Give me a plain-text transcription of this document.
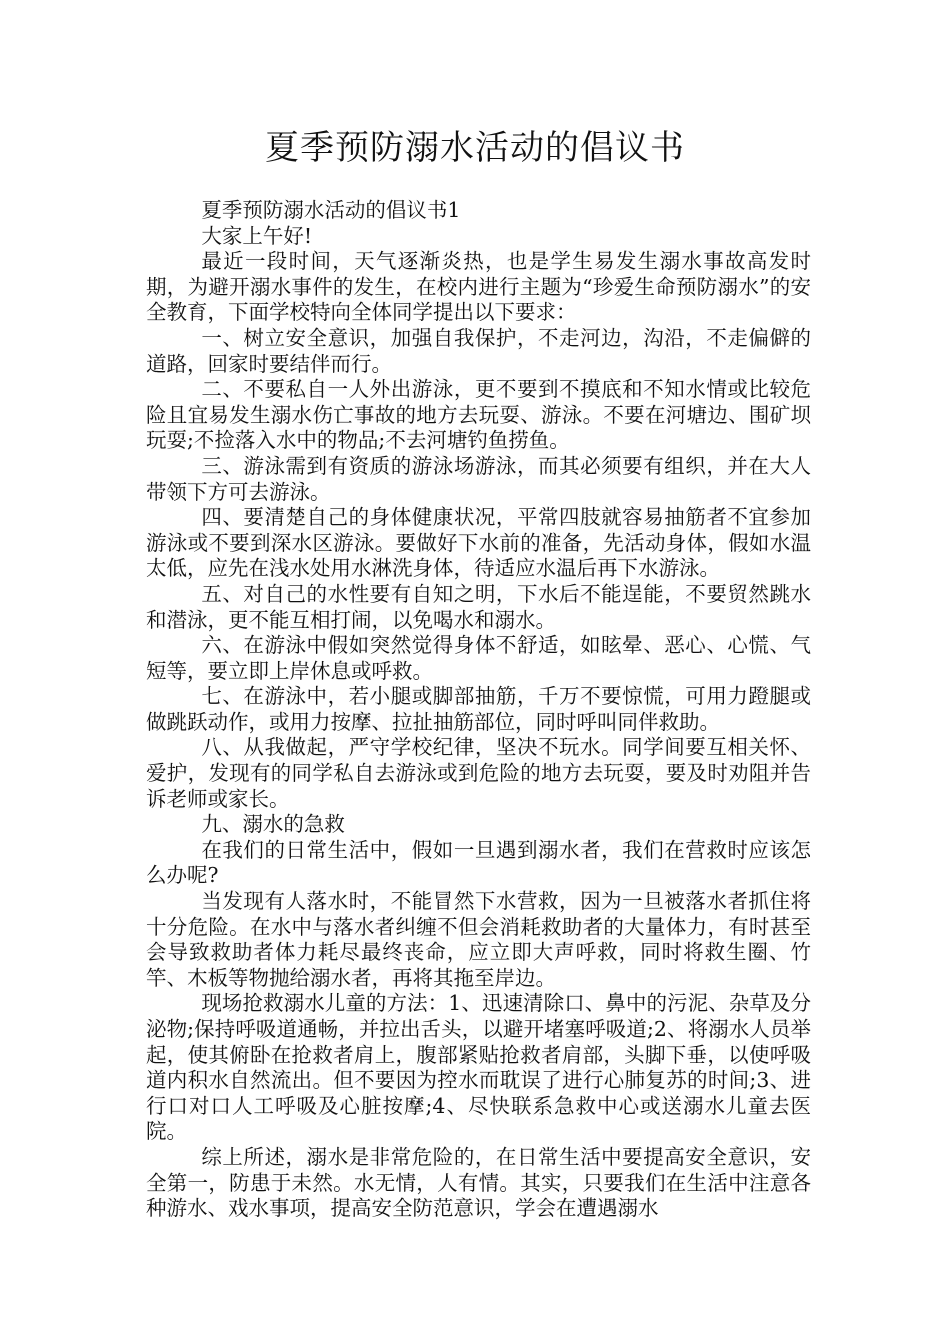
夏季预防溺水活动的倡议书

夏季预防溺水活动的倡议书1

大家上午好!

最近一段时间，天气逐渐炎热，也是学生易发生溺水事故高发时期，为避开溺水事件的发生，在校内进行主题为“珍爱生命预防溺水”的安全教育，下面学校特向全体同学提出以下要求：

一、树立安全意识，加强自我保护，不走河边，沟沿，不走偏僻的道路，回家时要结伴而行。

二、不要私自一人外出游泳，更不要到不摸底和不知水情或比较危险且宜易发生溺水伤亡事故的地方去玩耍、游泳。不要在河塘边、围矿坝玩耍;不捡落入水中的物品;不去河塘钓鱼捞鱼。

三、游泳需到有资质的游泳场游泳，而其必须要有组织，并在大人带领下方可去游泳。

四、要清楚自己的身体健康状况，平常四肢就容易抽筋者不宜参加游泳或不要到深水区游泳。要做好下水前的准备，先活动身体，假如水温太低，应先在浅水处用水淋洗身体，待适应水温后再下水游泳。

五、对自己的水性要有自知之明，下水后不能逞能，不要贸然跳水和潜泳，更不能互相打闹，以免喝水和溺水。

六、在游泳中假如突然觉得身体不舒适，如眩晕、恶心、心慌、气短等，要立即上岸休息或呼救。

七、在游泳中，若小腿或脚部抽筋，千万不要惊慌，可用力蹬腿或做跳跃动作，或用力按摩、拉扯抽筋部位，同时呼叫同伴救助。

八、从我做起，严守学校纪律，坚决不玩水。同学间要互相关怀、爱护，发现有的同学私自去游泳或到危险的地方去玩耍，要及时劝阻并告诉老师或家长。

九、溺水的急救

在我们的日常生活中，假如一旦遇到溺水者，我们在营救时应该怎么办呢?

当发现有人落水时，不能冒然下水营救，因为一旦被落水者抓住将十分危险。在水中与落水者纠缠不但会消耗救助者的大量体力，有时甚至会导致救助者体力耗尽最终丧命，应立即大声呼救，同时将救生圈、竹竿、木板等物抛给溺水者，再将其拖至岸边。

现场抢救溺水儿童的方法：1、迅速清除口、鼻中的污泥、杂草及分泌物;保持呼吸道通畅，并拉出舌头，以避开堵塞呼吸道;2、将溺水人员举起，使其俯卧在抢救者肩上，腹部紧贴抢救者肩部，头脚下垂，以使呼吸道内积水自然流出。但不要因为控水而耽误了进行心肺复苏的时间;3、进行口对口人工呼吸及心脏按摩;4、尽快联系急救中心或送溺水儿童去医院。

综上所述，溺水是非常危险的，在日常生活中要提高安全意识，安全第一，防患于未然。水无情，人有情。其实，只要我们在生活中注意各种游水、戏水事项，提高安全防范意识，学会在遭遇溺水
